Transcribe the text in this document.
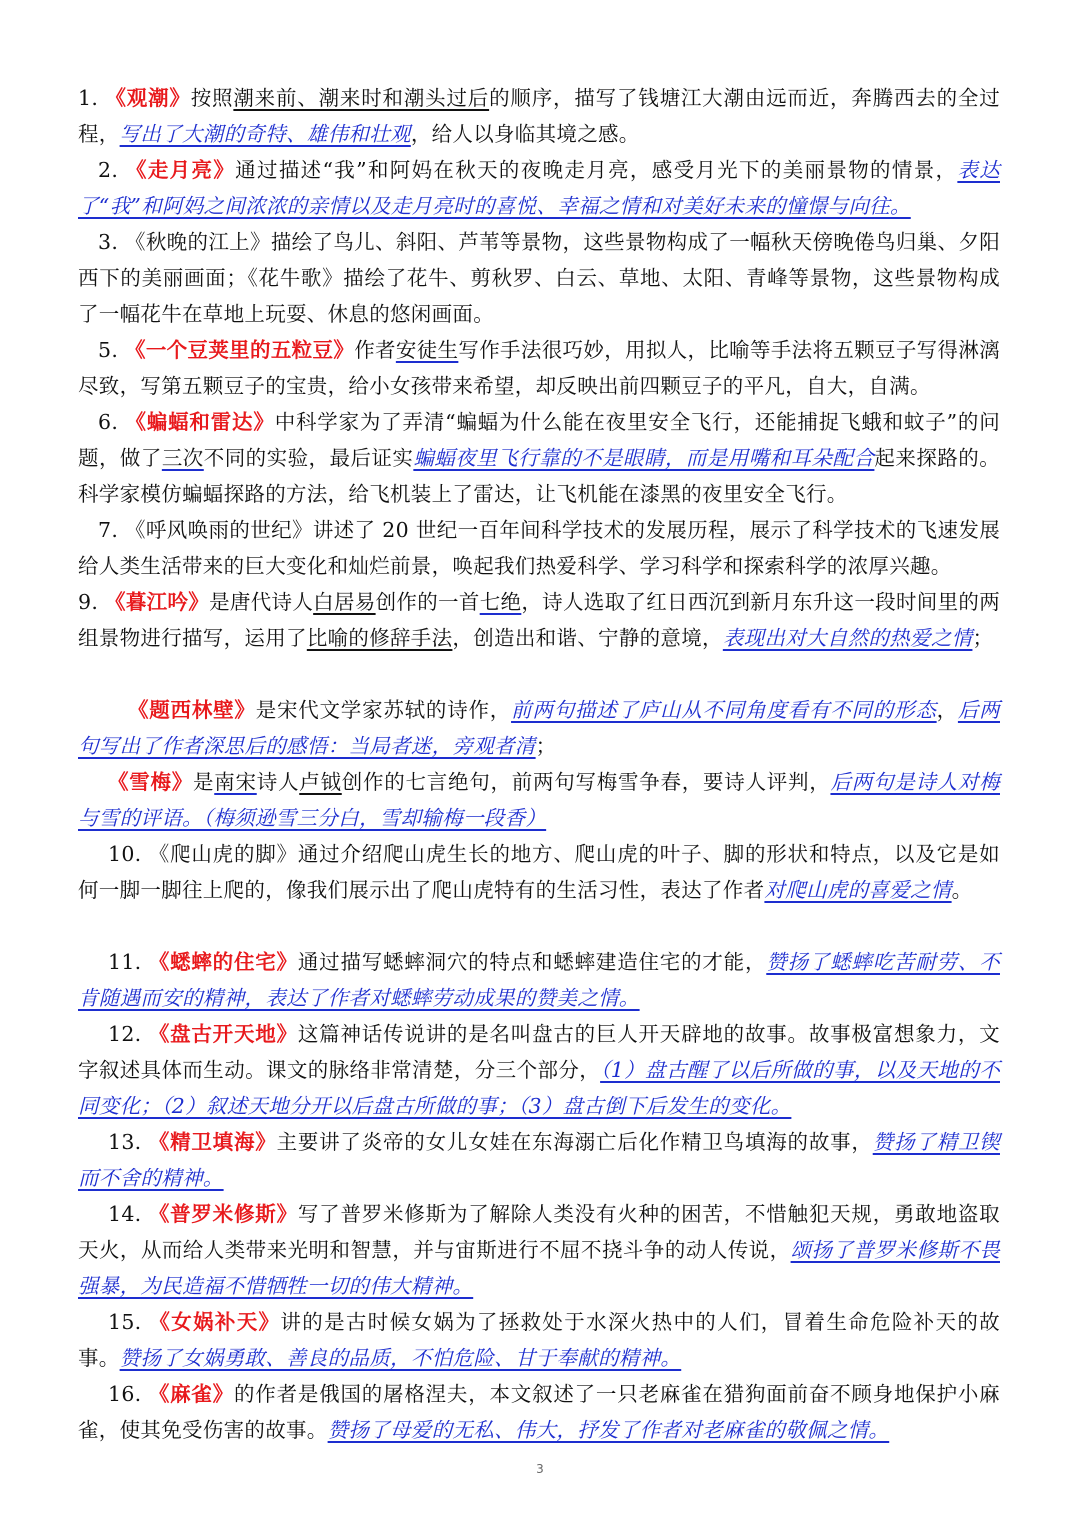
1. 《观潮》按照潮来前、潮来时和潮头过后的顺序，描写了钱塘江大潮由远而近，奔腾西去的全过程，写出了大潮的奇特、雄伟和壮观，给人以身临其境之感。
2. 《走月亮》通过描述“我”和阿妈在秋天的夜晚走月亮，感受月光下的美丽景物的情景，表达了“我”和阿妈之间浓浓的亲情以及走月亮时的喜悦、幸福之情和对美好未来的憧憬与向往。
3. 《秋晚的江上》描绘了鸟儿、斜阳、芦苇等景物，这些景物构成了一幅秋天傍晚倦鸟归巢、夕阳西下的美丽画面；《花牛歌》描绘了花牛、剪秋罗、白云、草地、太阳、青峰等景物，这些景物构成了一幅花牛在草地上玩耍、休息的悠闲画面。
5. 《一个豆荚里的五粒豆》作者安徒生写作手法很巧妙，用拟人，比喻等手法将五颗豆子写得淋漓尽致，写第五颗豆子的宝贵，给小女孩带来希望，却反映出前四颗豆子的平凡，自大，自满。
6. 《蝙蝠和雷达》中科学家为了弄清“蝙蝠为什么能在夜里安全飞行，还能捕捉飞蛾和蚊子”的问题，做了三次不同的实验，最后证实蝙蝠夜里飞行靠的不是眼睛，而是用嘴和耳朵配合起来探路的。科学家模仿蝙蝠探路的方法，给飞机装上了雷达，让飞机能在漆黑的夜里安全飞行。
7. 《呼风唤雨的世纪》讲述了 20 世纪一百年间科学技术的发展历程，展示了科学技术的飞速发展给人类生活带来的巨大变化和灿烂前景，唤起我们热爱科学、学习科学和探索科学的浓厚兴趣。
9. 《暮江吟》是唐代诗人白居易创作的一首七绝，诗人选取了红日西沉到新月东升这一段时间里的两组景物进行描写，运用了比喻的修辞手法，创造出和谐、宁静的意境，表现出对大自然的热爱之情；
《题西林壁》是宋代文学家苏轼的诗作，前两句描述了庐山从不同角度看有不同的形态，后两句写出了作者深思后的感悟：当局者迷，旁观者清；
《雪梅》是南宋诗人卢钺创作的七言绝句，前两句写梅雪争春，要诗人评判，后两句是诗人对梅与雪的评语。（梅须逊雪三分白，雪却输梅一段香）
10. 《爬山虎的脚》通过介绍爬山虎生长的地方、爬山虎的叶子、脚的形状和特点，以及它是如何一脚一脚往上爬的，像我们展示出了爬山虎特有的生活习性，表达了作者对爬山虎的喜爱之情。
11. 《蟋蟀的住宅》通过描写蟋蟀洞穴的特点和蟋蟀建造住宅的才能，赞扬了蟋蟀吃苦耐劳、不肯随遇而安的精神，表达了作者对蟋蟀劳动成果的赞美之情。
12. 《盘古开天地》这篇神话传说讲的是名叫盘古的巨人开天辟地的故事。故事极富想象力，文字叙述具体而生动。课文的脉络非常清楚，分三个部分，（1）盘古醒了以后所做的事，以及天地的不同变化；（2）叙述天地分开以后盘古所做的事；（3）盘古倒下后发生的变化。
13. 《精卫填海》主要讲了炎帝的女儿女娃在东海溺亡后化作精卫鸟填海的故事，赞扬了精卫锲而不舍的精神。
14. 《普罗米修斯》写了普罗米修斯为了解除人类没有火种的困苦，不惜触犯天规，勇敢地盗取天火，从而给人类带来光明和智慧，并与宙斯进行不屈不挠斗争的动人传说，颂扬了普罗米修斯不畏强暴，为民造福不惜牺牲一切的伟大精神。
15. 《女娲补天》讲的是古时候女娲为了拯救处于水深火热中的人们，冒着生命危险补天的故事。赞扬了女娲勇敢、善良的品质，不怕危险、甘于奉献的精神。
16. 《麻雀》的作者是俄国的屠格涅夫，本文叙述了一只老麻雀在猎狗面前奋不顾身地保护小麻雀，使其免受伤害的故事。赞扬了母爱的无私、伟大，抒发了作者对老麻雀的敬佩之情。
3
